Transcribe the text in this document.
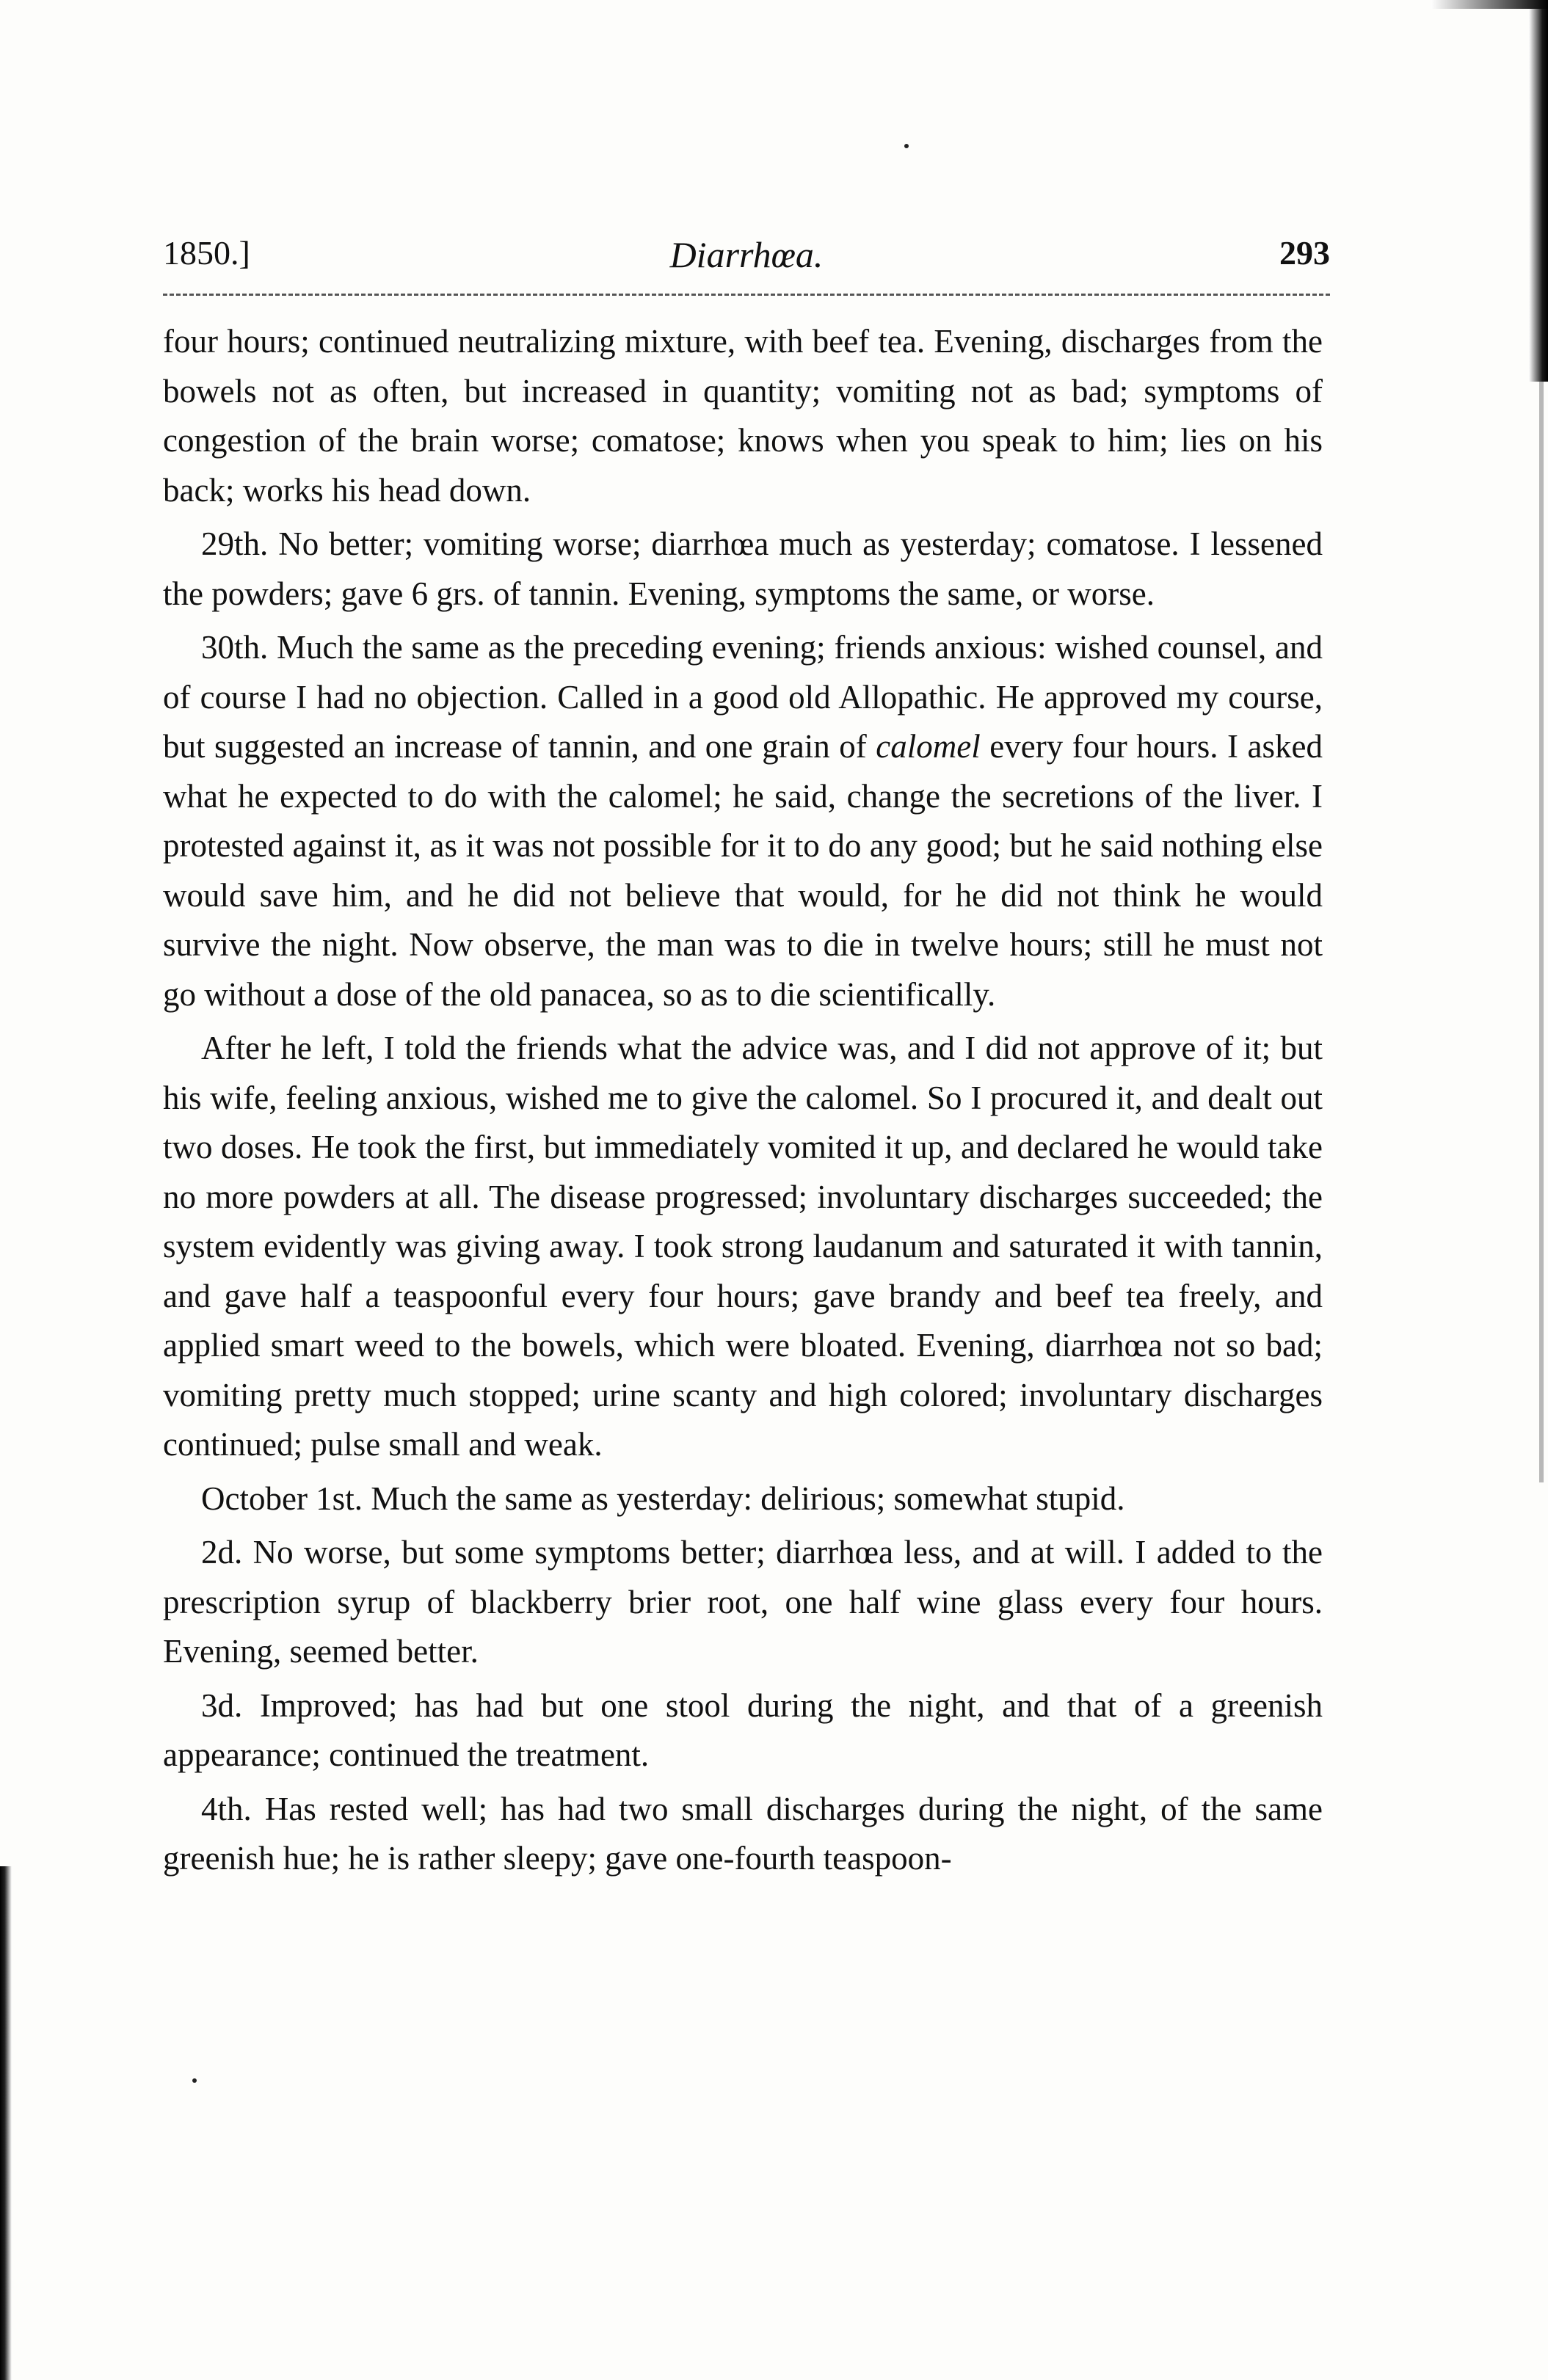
1850.]	Diarrhœa.	293

four hours; continued neutralizing mixture, with beef tea. Evening, discharges from the bowels not as often, but increased in quantity; vomiting not as bad; symptoms of congestion of the brain worse; comatose; knows when you speak to him; lies on his back; works his head down.

29th. No better; vomiting worse; diarrhœa much as yesterday; comatose. I lessened the powders; gave 6 grs. of tannin. Evening, symptoms the same, or worse.

30th. Much the same as the preceding evening; friends anxious: wished counsel, and of course I had no objection. Called in a good old Allopathic. He approved my course, but suggested an increase of tannin, and one grain of calomel every four hours. I asked what he expected to do with the calomel; he said, change the secretions of the liver. I protested against it, as it was not possible for it to do any good; but he said nothing else would save him, and he did not believe that would, for he did not think he would survive the night. Now observe, the man was to die in twelve hours; still he must not go without a dose of the old panacea, so as to die scientifically.

After he left, I told the friends what the advice was, and I did not approve of it; but his wife, feeling anxious, wished me to give the calomel. So I procured it, and dealt out two doses. He took the first, but immediately vomited it up, and declared he would take no more powders at all. The disease progressed; involuntary discharges succeeded; the system evidently was giving away. I took strong laudanum and saturated it with tannin, and gave half a teaspoonful every four hours; gave brandy and beef tea freely, and applied smart weed to the bowels, which were bloated. Evening, diarrhœa not so bad; vomiting pretty much stopped; urine scanty and high colored; involuntary discharges continued; pulse small and weak.

October 1st. Much the same as yesterday: delirious; somewhat stupid.

2d. No worse, but some symptoms better; diarrhœa less, and at will. I added to the prescription syrup of blackberry brier root, one half wine glass every four hours. Evening, seemed better.

3d. Improved; has had but one stool during the night, and that of a greenish appearance; continued the treatment.

4th. Has rested well; has had two small discharges during the night, of the same greenish hue; he is rather sleepy; gave one-fourth teaspoon-
